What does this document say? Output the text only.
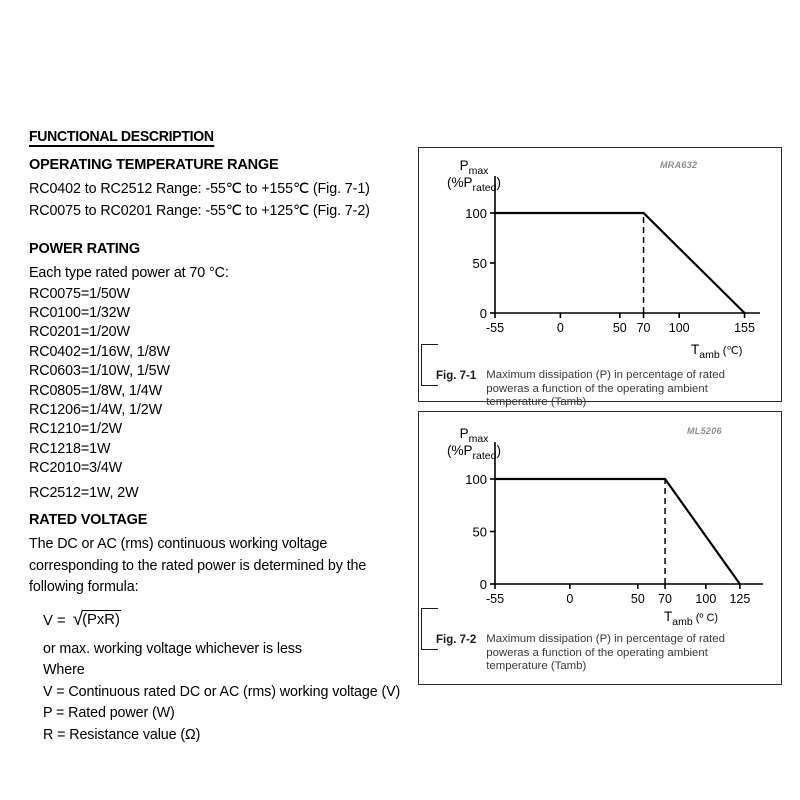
FUNCTIONAL DESCRIPTION
OPERATING TEMPERATURE RANGE
RC0402 to RC2512 Range: -55℃ to +155℃ (Fig. 7-1)
RC0075 to RC0201 Range: -55℃ to +125℃ (Fig. 7-2)
POWER RATING
Each type rated power at 70 °C:
RC0075=1/50W
RC0100=1/32W
RC0201=1/20W
RC0402=1/16W, 1/8W
RC0603=1/10W, 1/5W
RC0805=1/8W, 1/4W
RC1206=1/4W, 1/2W
RC1210=1/2W
RC1218=1W
RC2010=3/4W
RC2512=1W, 2W
RATED VOLTAGE
The DC or AC (rms) continuous working voltage corresponding to the rated power is determined by the following formula:
V = √(PxR)
or max. working voltage whichever is less
Where
V = Continuous rated DC or AC (rms) working voltage (V)
P = Rated power (W)
R = Resistance value (Ω)
MRA632
0
50
100
-55	0	50 70 100	155
$P_{max}$
$(\%P_{rated})$
$T_{amb}$ (℃)
Fig. 7-1 Maximum dissipation (P) in percentage of rated
poweras a function of the operating ambient
temperature (Tamb)
ML5206
0
50
100
-55	0	50 70 100 125
$P_{max}$
$(\%P_{rated})$
$T_{amb}$ $^{(º C)}$
Fig. 7-2 Maximum dissipation (P) in percentage of rated
poweras a function of the operating ambient
temperature (Tamb)
